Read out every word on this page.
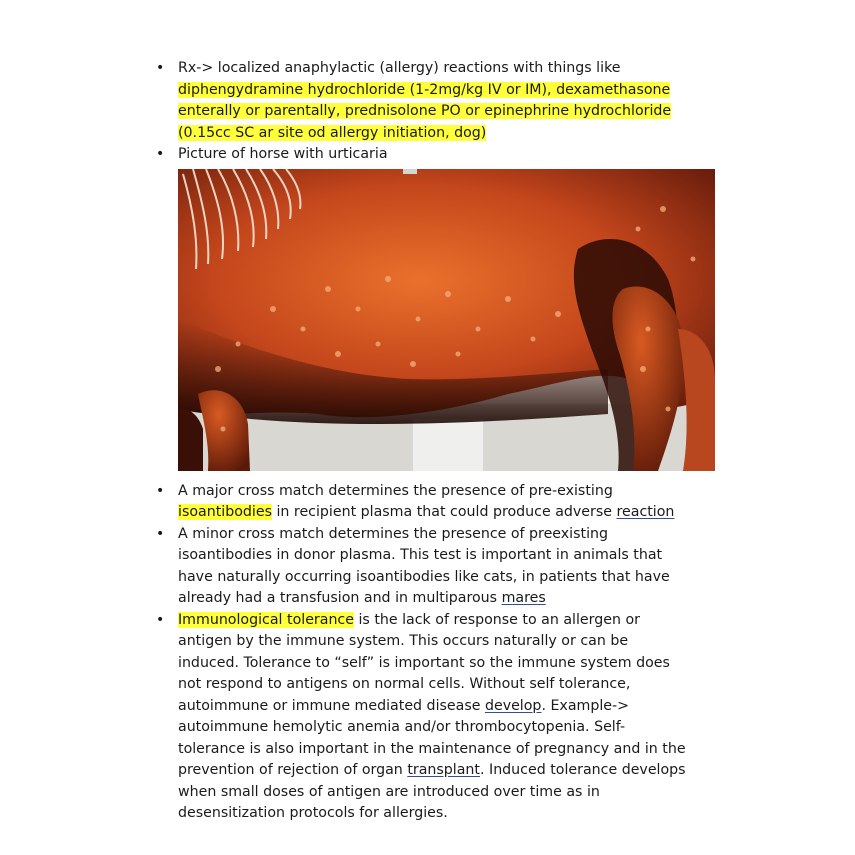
• Rx-> localized anaphylactic (allergy) reactions with things like
diphengydramine hydrochloride (1-2mg/kg IV or IM), dexamethasone
enterally or parentally, prednisolone PO or epinephrine hydrochloride
(0.15cc SC ar site od allergy initiation, dog)
• Picture of horse with urticaria
• A major cross match determines the presence of pre-existing
isoantibodies in recipient plasma that could produce adverse reaction
• A minor cross match determines the presence of preexisting
isoantibodies in donor plasma. This test is important in animals that
have naturally occurring isoantibodies like cats, in patients that have
already had a transfusion and in multiparous mares
• Immunological tolerance is the lack of response to an allergen or
antigen by the immune system. This occurs naturally or can be
induced. Tolerance to “self” is important so the immune system does
not respond to antigens on normal cells. Without self tolerance,
autoimmune or immune mediated disease develop. Example->
autoimmune hemolytic anemia and/or thrombocytopenia. Self-
tolerance is also important in the maintenance of pregnancy and in the
prevention of rejection of organ transplant. Induced tolerance develops
when small doses of antigen are introduced over time as in
desensitization protocols for allergies.
